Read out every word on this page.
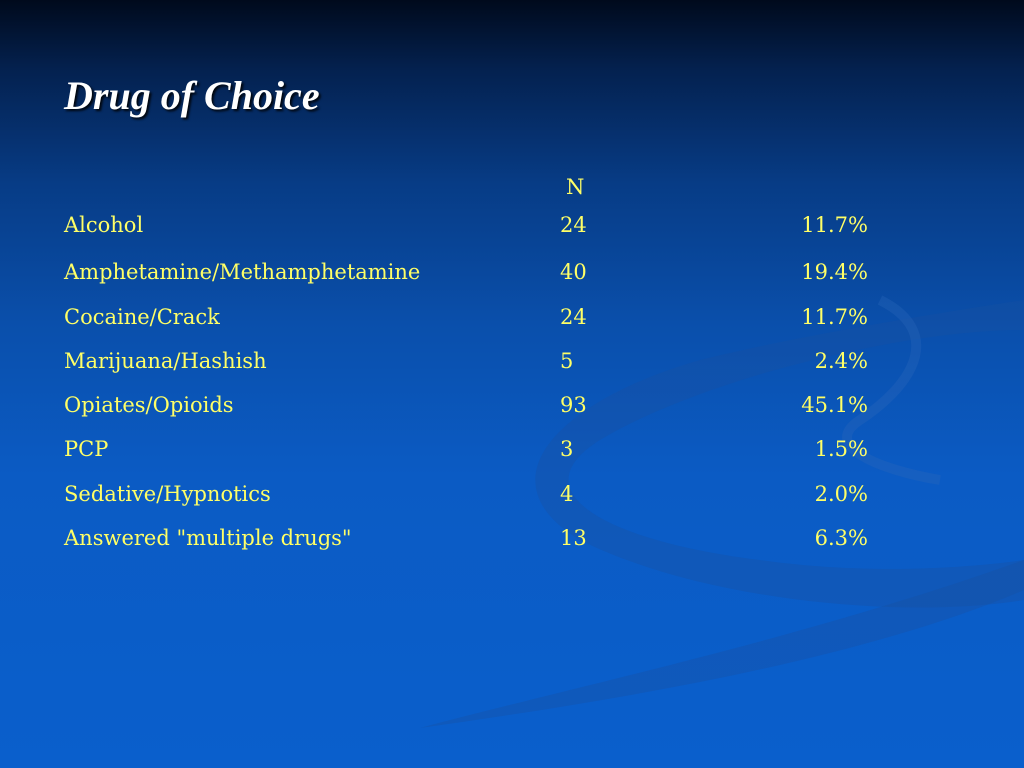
Drug of Choice
N
Alcohol	24	11.7%
Amphetamine/Methamphetamine	40	19.4%
Cocaine/Crack	24	11.7%
Marijuana/Hashish	5	2.4%
Opiates/Opioids	93	45.1%
PCP	3	1.5%
Sedative/Hypnotics	4	2.0%
Answered "multiple drugs"	13	6.3%
